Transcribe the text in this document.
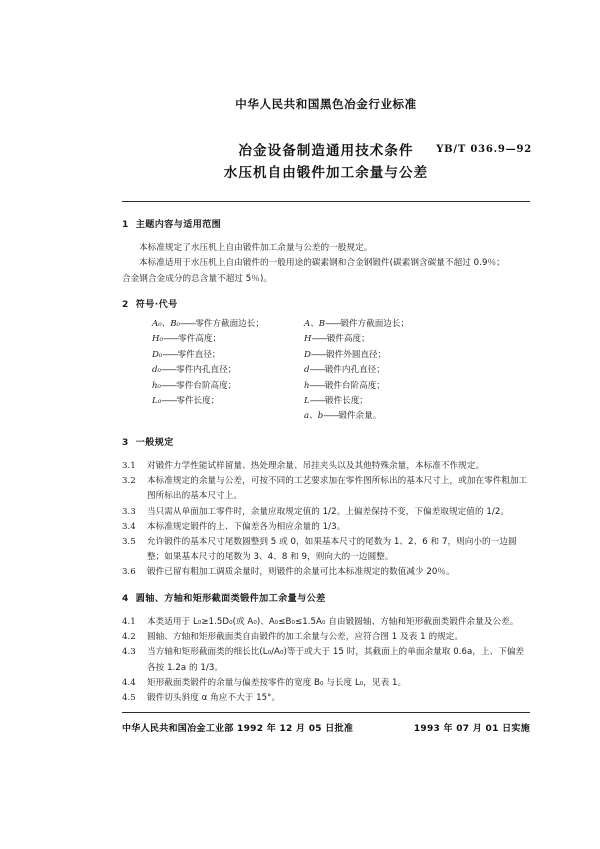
中华人民共和国黑色冶金行业标准
冶金设备制造通用技术条件
水压机自由锻件加工余量与公差
YB/T 036.9—92
1 主题内容与适用范围

本标准规定了水压机上自由锻件加工余量与公差的一般规定。

本标准适用于水压机上自由锻件的一般用途的碳素钢和合金钢锻件(碳素钢含碳量不超过 0.9％；

合金钢合金成分的总含量不超过 5％)。

2 符号·代号
A₀、B₀——零件方截面边长；	A、B——锻件方截面边长；
H₀——零件高度；	H——锻件高度；
D₀——零件直径；	D——锻件外圆直径；
d₀——零件内孔直径；	d——锻件内孔直径；
h₀——零件台阶高度；	h——锻件台阶高度；
L₀——零件长度；	L——锻件长度；
a、b——锻件余量。
3 一般规定

3.1 对锻件力学性能试样留量、热处理余量、吊挂夹头以及其他特殊余量，本标准不作规定。

3.2 本标准规定的余量与公差，可按不同的工艺要求加在零件图所标出的基本尺寸上，或加在零件粗加工图所标出的基本尺寸上。

3.3 当只需从单面加工零件时，余量应取规定值的 1/2。上偏差保持不变，下偏差取规定值的 1/2。

3.4 本标准规定锻件的上、下偏差各为相应余量的 1/3。

3.5 允许锻件的基本尺寸尾数圆整到 5 或 0，如果基本尺寸的尾数为 1、2、6 和 7，则向小的一边圆整；如果基本尺寸的尾数为 3、4、8 和 9，则向大的一边圆整。

3.6 锻件已留有粗加工调质余量时，则锻件的余量可比本标准规定的数值减少 20％。

4 圆轴、方轴和矩形截面类锻件加工余量与公差

4.1 本类适用于 L₀≥1.5D₀(或 A₀)、A₀≤B₀≤1.5A₀ 自由锻圆轴、方轴和矩形截面类锻件余量及公差。

4.2 圆轴、方轴和矩形截面类自由锻件的加工余量与公差，应符合图 1 及表 1 的规定。

4.3 当方轴和矩形截面类的细长比(L₀/A₀)等于或大于 15 时，其截面上的单面余量取 0.6a，上、下偏差各按 1.2a 的 1/3。

4.4 矩形截面类锻件的余量与偏差按零件的宽度 B₀ 与长度 L₀，见表 1。

4.5 锻件切头斜度 α 角应不大于 15°。

中华人民共和国冶金工业部 1992 年 12 月 05 日批准	1993 年 07 月 01 日实施
